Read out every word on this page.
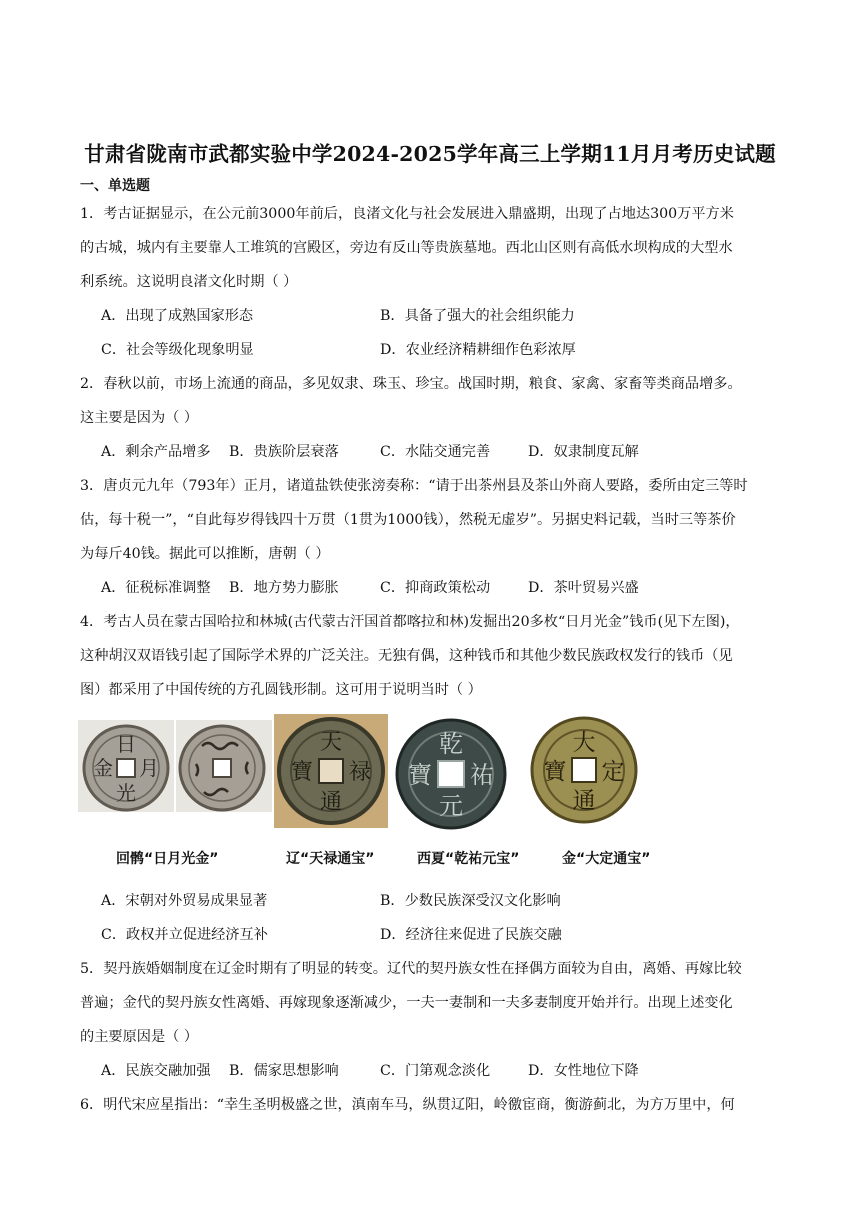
甘肃省陇南市武都实验中学2024-2025学年高三上学期11月月考历史试题
一、单选题
1．考古证据显示，在公元前3000年前后，良渚文化与社会发展进入鼎盛期，出现了占地达300万平方米
的古城，城内有主要靠人工堆筑的宫殿区，旁边有反山等贵族墓地。西北山区则有高低水坝构成的大型水
利系统。这说明良渚文化时期（ ）
A．出现了成熟国家形态	B．具备了强大的社会组织能力
C．社会等级化现象明显	D．农业经济精耕细作色彩浓厚
2．春秋以前，市场上流通的商品，多见奴隶、珠玉、珍宝。战国时期，粮食、家禽、家畜等类商品增多。
这主要是因为（ ）
A．剩余产品增多 B．贵族阶层衰落	C．水陆交通完善	D．奴隶制度瓦解
3．唐贞元九年（793年）正月，诸道盐铁使张滂奏称：“请于出茶州县及茶山外商人要路，委所由定三等时
估，每十税一”，“自此每岁得钱四十万贯（1贯为1000钱），然税无虚岁”。另据史料记载，当时三等茶价
为每斤40钱。据此可以推断，唐朝（ ）
A．征税标准调整 B．地方势力膨胀	C．抑商政策松动	D．茶叶贸易兴盛
4．考古人员在蒙古国哈拉和林城(古代蒙古汗国首都喀拉和林)发掘出20多枚“日月光金”钱币(见下左图)，
这种胡汉双语钱引起了国际学术界的广泛关注。无独有偶，这种钱币和其他少数民族政权发行的钱币（见
图）都采用了中国传统的方孔圆钱形制。这可用于说明当时（ ）
日
月
光
金
天
禄
通
寶
乾
祐
元
寶
大
定
通
寶
回鹘“日月光金”	辽“天禄通宝”	西夏“乾祐元宝”	金“大定通宝”
A．宋朝对外贸易成果显著	B．少数民族深受汉文化影响
C．政权并立促进经济互补	D．经济往来促进了民族交融
5．契丹族婚姻制度在辽金时期有了明显的转变。辽代的契丹族女性在择偶方面较为自由，离婚、再嫁比较
普遍；金代的契丹族女性离婚、再嫁现象逐渐减少，一夫一妻制和一夫多妻制度开始并行。出现上述变化
的主要原因是（ ）
A．民族交融加强 B．儒家思想影响	C．门第观念淡化	D．女性地位下降
6．明代宋应星指出：“幸生圣明极盛之世，滇南车马，纵贯辽阳，岭徼宦商，衡游蓟北，为方万里中，何
